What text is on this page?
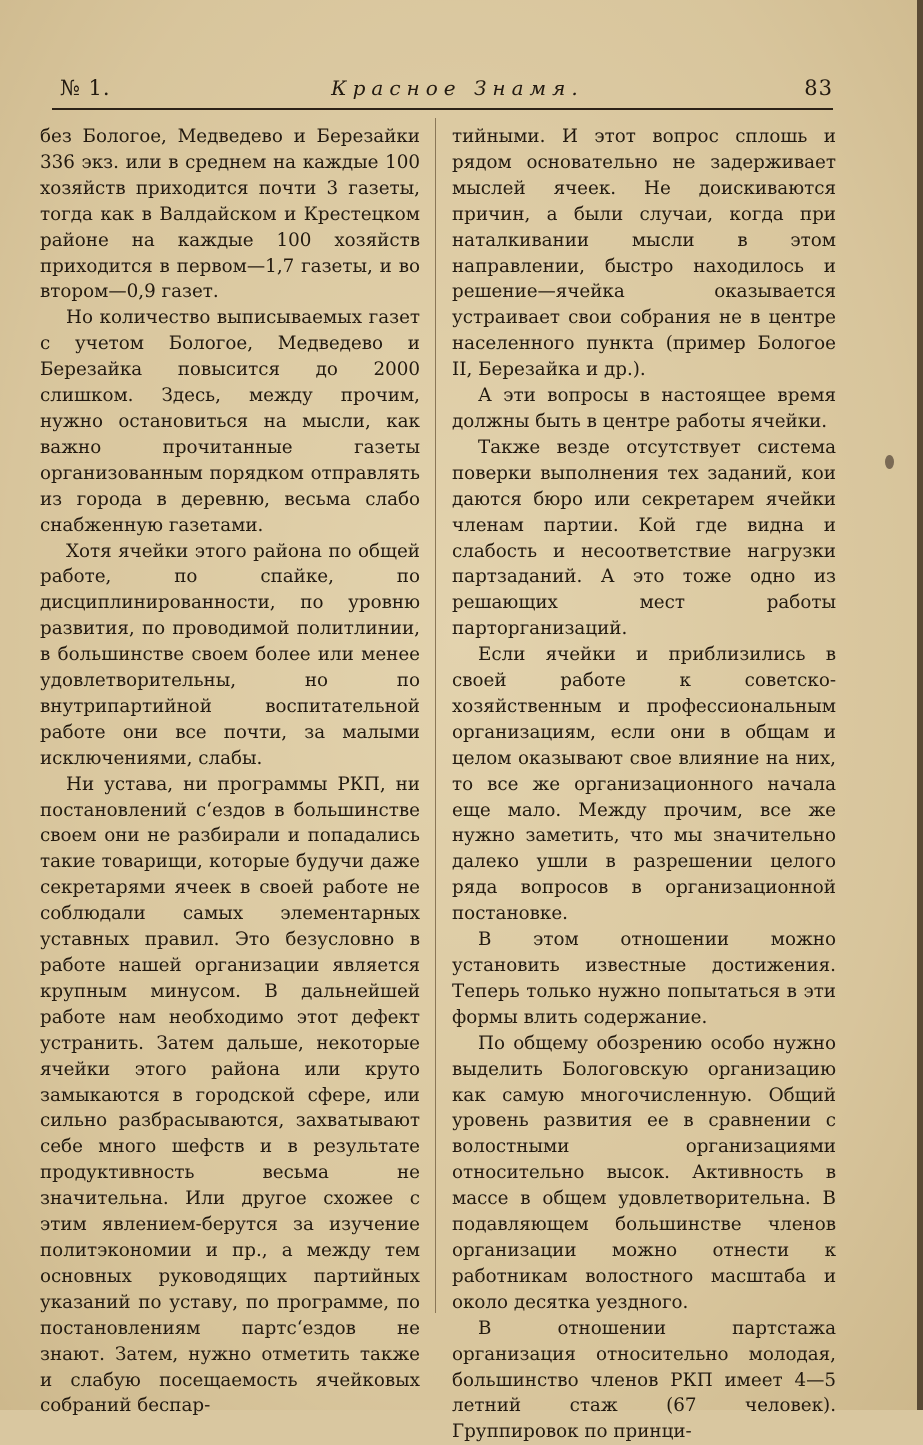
№ 1.	Красное Знамя.	83

без Бологое, Медведево и Березайки 336 экз. или в среднем на каждые 100 хозяйств приходится почти 3 газеты, тогда как в Валдайском и Крестецком районе на каждые 100 хозяйств приходится в первом—1,7 газеты, и во втором—0,9 газет.

Но количество выписываемых газет с учетом Бологое, Медведево и Березайка повысится до 2000 слишком. Здесь, между прочим, нужно остановиться на мысли, как важно прочитанные газеты организованным порядком отправлять из города в деревню, весьма слабо снабженную газетами.

Хотя ячейки этого района по общей работе, по спайке, по дисциплинированности, по уровню развития, по проводимой политлинии, в большинстве своем более или менее удовлетворительны, но по внутрипартийной воспитательной работе они все почти, за малыми исключениями, слабы.

Ни устава, ни программы РКП, ни постановлений с‘ездов в большинстве своем они не разбирали и попадались такие товарищи, которые будучи даже секретарями ячеек в своей работе не соблюдали самых элементарных уставных правил. Это безусловно в работе нашей организации является крупным минусом. В дальнейшей работе нам необходимо этот дефект устранить. Затем дальше, некоторые ячейки этого района или круто замыкаются в городской сфере, или сильно разбрасываются, захватывают себе много шефств и в результате продуктивность весьма не значительна. Или другое схожее с этим явлением-берутся за изучение политэкономии и пр., а между тем основных руководящих партийных указаний по уставу, по программе, по постановлениям партс‘ездов не знают. Затем, нужно отметить также и слабую посещаемость ячейковых собраний беспар-

тийными. И этот вопрос сплошь и рядом основательно не задерживает мыслей ячеек. Не доискиваются причин, а были случаи, когда при наталкивании мысли в этом направлении, быстро находилось и решение—ячейка оказывается устраивает свои собрания не в центре населенного пункта (пример Бологое II, Березайка и др.).

А эти вопросы в настоящее время должны быть в центре работы ячейки.

Также везде отсутствует система поверки выполнения тех заданий, кои даются бюро или секретарем ячейки членам партии. Кой где видна и слабость и несоответствие нагрузки партзаданий. А это тоже одно из решающих мест работы парторганизаций.

Если ячейки и приблизились в своей работе к советско-хозяйственным и профессиональным организациям, если они в общам и целом оказывают свое влияние на них, то все же организационного начала еще мало. Между прочим, все же нужно заметить, что мы значительно далеко ушли в разрешении целого ряда вопросов в организационной постановке.

В этом отношении можно установить известные достижения. Теперь только нужно попытаться в эти формы влить содержание.

По общему обозрению особо нужно выделить Бологовскую организацию как самую многочисленную. Общий уровень развития ее в сравнении с волостными организациями относительно высок. Активность в массе в общем удовлетворительна. В подавляющем большинстве членов организации можно отнести к работникам волостного масштаба и около десятка уездного.

В отношении партстажа организация относительно молодая, большинство членов РКП имеет 4—5 летний стаж (67 человек). Группировок по принци-
